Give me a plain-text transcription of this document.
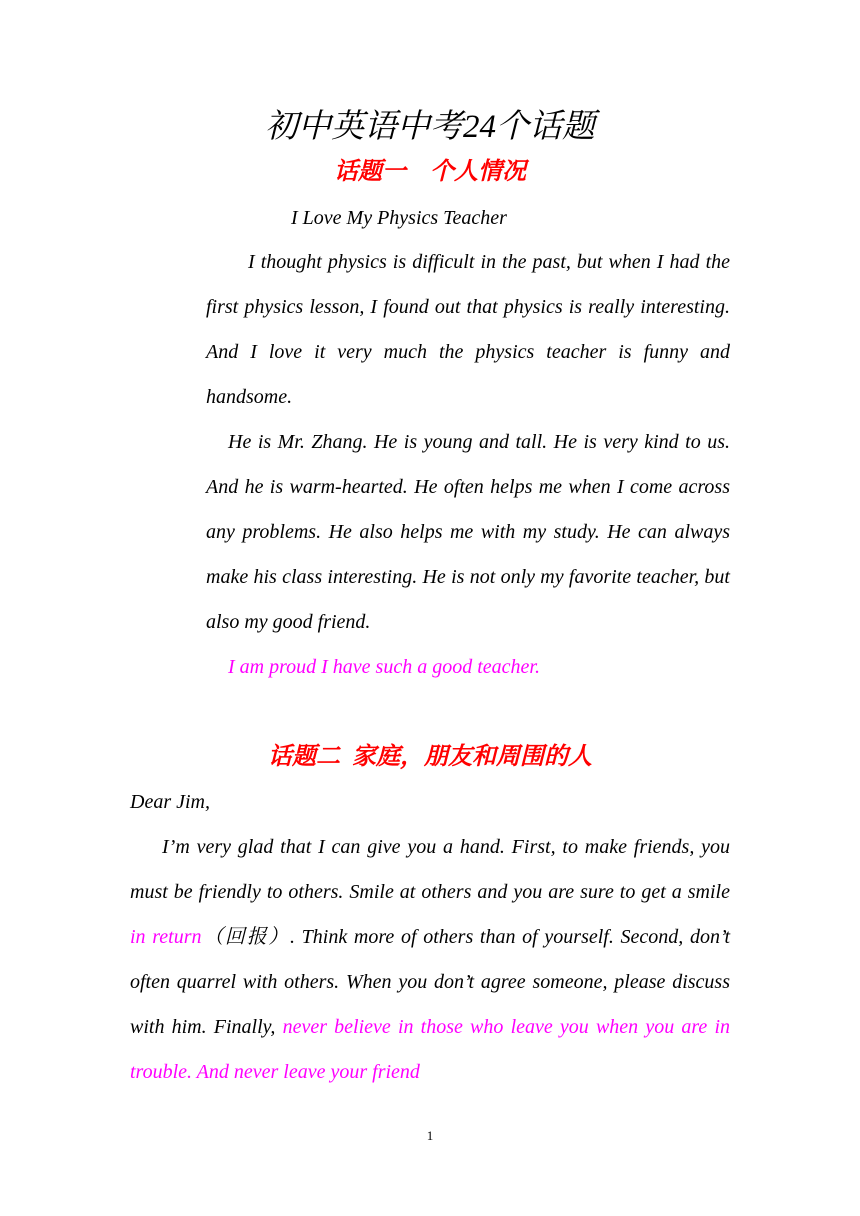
初中英语中考24个话题
话题一    个人情况
I Love My Physics Teacher

I thought physics is difficult in the past, but when I had the first physics lesson, I found out that physics is really interesting. And I love it very much the physics teacher is funny and handsome.

He is Mr. Zhang. He is young and tall. He is very kind to us. And he is warm-hearted. He often helps me when I come across any problems. He also helps me with my study. He can always make his class interesting. He is not only my favorite teacher, but also my good friend.

I am proud I have such a good teacher.

话题二  家庭，朋友和周围的人

Dear Jim,

I’m very glad that I can give you a hand. First, to make friends, you must be friendly to others. Smile at others and you are sure to get a smile in return（回报）. Think more of others than of yourself. Second, don’t often quarrel with others. When you don’t agree someone, please discuss with him. Finally, never believe in those who leave you when you are in trouble. And never leave your friend

1
